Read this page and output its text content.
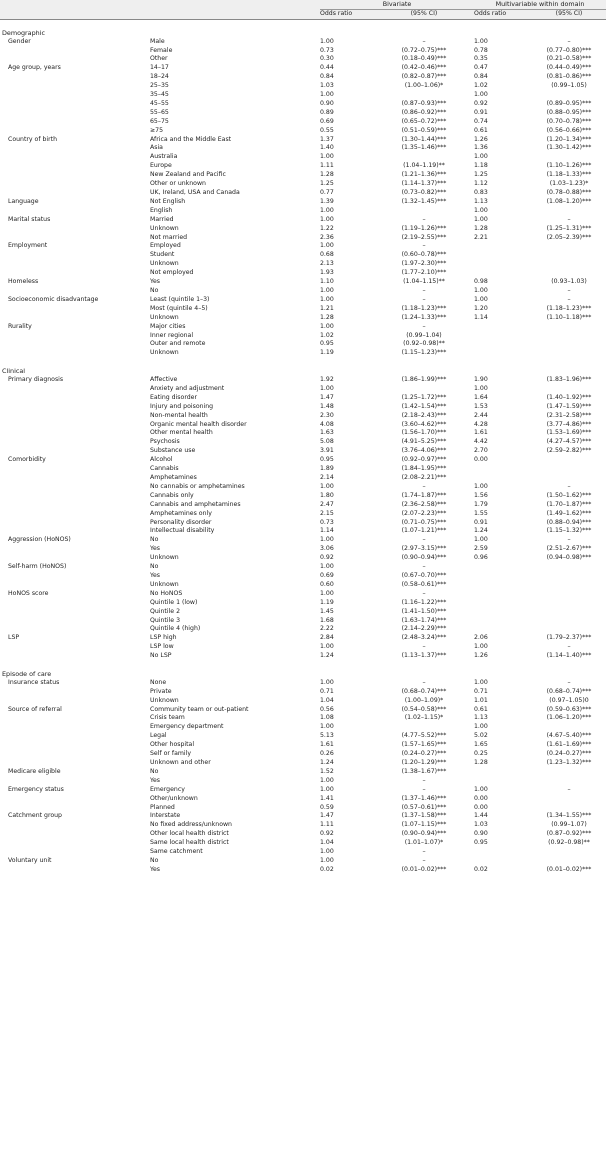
		Bivariate		Multivariable within domain	
		Odds ratio	(95% CI)	Odds ratio	(95% CI)

Demographic					
Gender	Male	1.00	–	1.00	–
	Female	0.73	(0.72–0.75)***	0.78	(0.77–0.80)***
	Other	0.30	(0.18–0.49)***	0.35	(0.21–0.58)***
Age group, years	14–17	0.44	(0.42–0.46)***	0.47	(0.44–0.49)***
	18–24	0.84	(0.82–0.87)***	0.84	(0.81–0.86)***
	25–35	1.03	(1.00–1.06)*	1.02	(0.99–1.05)
	35–45	1.00		1.00	
	45–55	0.90	(0.87–0.93)***	0.92	(0.89–0.95)***
	55–65	0.89	(0.86–0.92)***	0.91	(0.88–0.95)***
	65–75	0.69	(0.65–0.72)***	0.74	(0.70–0.78)***
	≥75	0.55	(0.51–0.59)***	0.61	(0.56–0.66)***
Country of birth	Africa and the Middle East	1.37	(1.30–1.44)***	1.26	(1.20–1.34)***
	Asia	1.40	(1.35–1.46)***	1.36	(1.30–1.42)***
	Australia	1.00		1.00	
	Europe	1.11	(1.04–1.19)**	1.18	(1.10–1.26)***
	New Zealand and Pacific	1.28	(1.21–1.36)***	1.25	(1.18–1.33)***
	Other or unknown	1.25	(1.14–1.37)***	1.12	(1.03–1.23)*
	UK, Ireland, USA and Canada	0.77	(0.73–0.82)***	0.83	(0.78–0.88)***
Language	Not English	1.39	(1.32–1.45)***	1.13	(1.08–1.20)***
	English	1.00		1.00	
Marital status	Married	1.00	–	1.00	–
	Unknown	1.22	(1.19–1.26)***	1.28	(1.25–1.31)***
	Not married	2.36	(2.19–2.55)***	2.21	(2.05–2.39)***
Employment	Employed	1.00	–		
	Student	0.68	(0.60–0.78)***		
	Unknown	2.13	(1.97–2.30)***		
	Not employed	1.93	(1.77–2.10)***		
Homeless	Yes	1.10	(1.04–1.15)**	0.98	(0.93–1.03)
	No	1.00	–	1.00	–
Socioeconomic disadvantage	Least (quintile 1–3)	1.00	–	1.00	–
	Most (quintile 4–5)	1.21	(1.18–1.23)***	1.20	(1.18–1.23)***
	Unknown	1.28	(1.24–1.33)***	1.14	(1.10–1.18)***
Rurality	Major cities	1.00	–		
	Inner regional	1.02	(0.99–1.04)		
	Outer and remote	0.95	(0.92–0.98)**		
	Unknown	1.19	(1.15–1.23)***		

Clinical					
Primary diagnosis	Affective	1.92	(1.86–1.99)***	1.90	(1.83–1.96)***
	Anxiety and adjustment	1.00		1.00	
	Eating disorder	1.47	(1.25–1.72)***	1.64	(1.40–1.92)***
	Injury and poisoning	1.48	(1.42–1.54)***	1.53	(1.47–1.59)***
	Non-mental health	2.30	(2.18–2.43)***	2.44	(2.31–2.58)***
	Organic mental health disorder	4.08	(3.60–4.62)***	4.28	(3.77–4.86)***
	Other mental health	1.63	(1.56–1.70)***	1.61	(1.53–1.69)***
	Psychosis	5.08	(4.91–5.25)***	4.42	(4.27–4.57)***
	Substance use	3.91	(3.76–4.06)***	2.70	(2.59–2.82)***
Comorbidity	Alcohol	0.95	(0.92–0.97)***	0.00	
	Cannabis	1.89	(1.84–1.95)***		
	Amphetamines	2.14	(2.08–2.21)***		
	No cannabis or amphetamines	1.00	–	1.00	–
	Cannabis only	1.80	(1.74–1.87)***	1.56	(1.50–1.62)***
	Cannabis and amphetamines	2.47	(2.36–2.58)***	1.79	(1.70–1.87)***
	Amphetamines only	2.15	(2.07–2.23)***	1.55	(1.49–1.62)***
	Personality disorder	0.73	(0.71–0.75)***	0.91	(0.88–0.94)***
	Intellectual disability	1.14	(1.07–1.21)***	1.24	(1.15–1.32)***
Aggression (HoNOS)	No	1.00	–	1.00	–
	Yes	3.06	(2.97–3.15)***	2.59	(2.51–2.67)***
	Unknown	0.92	(0.90–0.94)***	0.96	(0.94–0.98)***
Self-harm (HoNOS)	No	1.00	–		
	Yes	0.69	(0.67–0.70)***		
	Unknown	0.60	(0.58–0.61)***		
HoNOS score	No HoNOS	1.00	–		
	Quintile 1 (low)	1.19	(1.16–1.22)***		
	Quintile 2	1.45	(1.41–1.50)***		
	Quintile 3	1.68	(1.63–1.74)***		
	Quintile 4 (high)	2.22	(2.14–2.29)***		
LSP	LSP high	2.84	(2.48–3.24)***	2.06	(1.79–2.37)***
	LSP low	1.00	–	1.00	–
	No LSP	1.24	(1.13–1.37)***	1.26	(1.14–1.40)***

Episode of care					
Insurance status	None	1.00	–	1.00	–
	Private	0.71	(0.68–0.74)***	0.71	(0.68–0.74)***
	Unknown	1.04	(1.00–1.09)*	1.01	(0.97–1.05)0
Source of referral	Community team or out-patient	0.56	(0.54–0.58)***	0.61	(0.59–0.63)***
	Crisis team	1.08	(1.02–1.15)*	1.13	(1.06–1.20)***
	Emergency department	1.00		1.00	
	Legal	5.13	(4.77–5.52)***	5.02	(4.67–5.40)***
	Other hospital	1.61	(1.57–1.65)***	1.65	(1.61–1.69)***
	Self or family	0.26	(0.24–0.27)***	0.25	(0.24–0.27)***
	Unknown and other	1.24	(1.20–1.29)***	1.28	(1.23–1.32)***
Medicare eligible	No	1.52	(1.38–1.67)***		
	Yes	1.00	–		
Emergency status	Emergency	1.00	–	1.00	–
	Other/unknown	1.41	(1.37–1.46)***	0.00	
	Planned	0.59	(0.57–0.61)***	0.00	
Catchment group	Interstate	1.47	(1.37–1.58)***	1.44	(1.34–1.55)***
	No fixed address/unknown	1.11	(1.07–1.15)***	1.03	(0.99–1.07)
	Other local health district	0.92	(0.90–0.94)***	0.90	(0.87–0.92)***
	Same local health district	1.04	(1.01–1.07)*	0.95	(0.92–0.98)**
	Same catchment	1.00	–		
Voluntary unit	No	1.00	–		
	Yes	0.02	(0.01–0.02)***	0.02	(0.01–0.02)***
